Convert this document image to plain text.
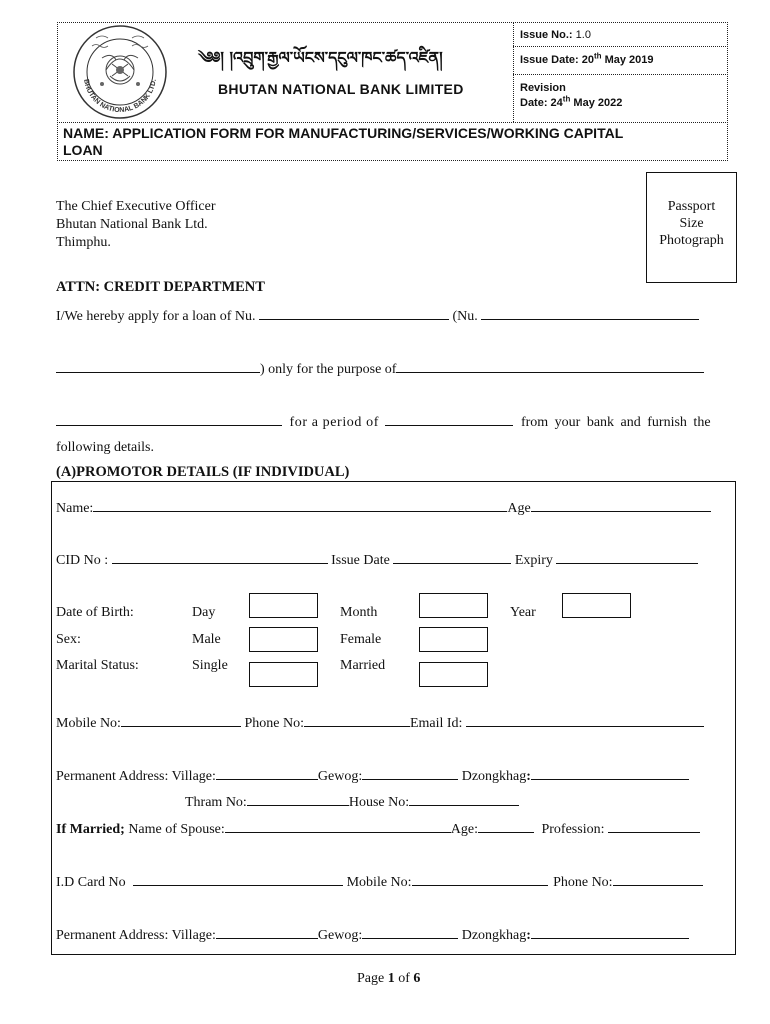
BHUTAN NATIONAL BANK LTD.
༄༅། །འབྲུག་རྒྱལ་ཡོངས་དངུལ་ཁང་ཚད་འཛིན།
BHUTAN NATIONAL BANK LIMITED
Issue No.: 1.0
Issue Date: 20th May 2019
Revision
Date: 24th May 2022
NAME: APPLICATION FORM FOR MANUFACTURING/SERVICES/WORKING CAPITAL
LOAN
The Chief Executive Officer
Bhutan National Bank Ltd.
Thimphu.
Passport
Size
Photograph
ATTN: CREDIT DEPARTMENT
I/We hereby apply for a loan of Nu.	(Nu.
) only for the purpose of
for a period of	from your bank and furnish the
following details.
(A)PROMOTOR DETAILS (IF INDIVIDUAL)
Name:	Age
CID No :	Issue Date	Expiry
Date of Birth:	Day	Month	Year
Sex:	Male	Female
Marital Status:	Single	Married
Mobile No:	Phone No:	Email Id:
Permanent Address: Village:	Gewog:	Dzongkhag:
Thram No:	House No:
If Married; Name of Spouse:	Age:	Profession:
I.D Card No	Mobile No:	Phone No:
Permanent Address: Village:	Gewog:	Dzongkhag:
Page 1 of 6
